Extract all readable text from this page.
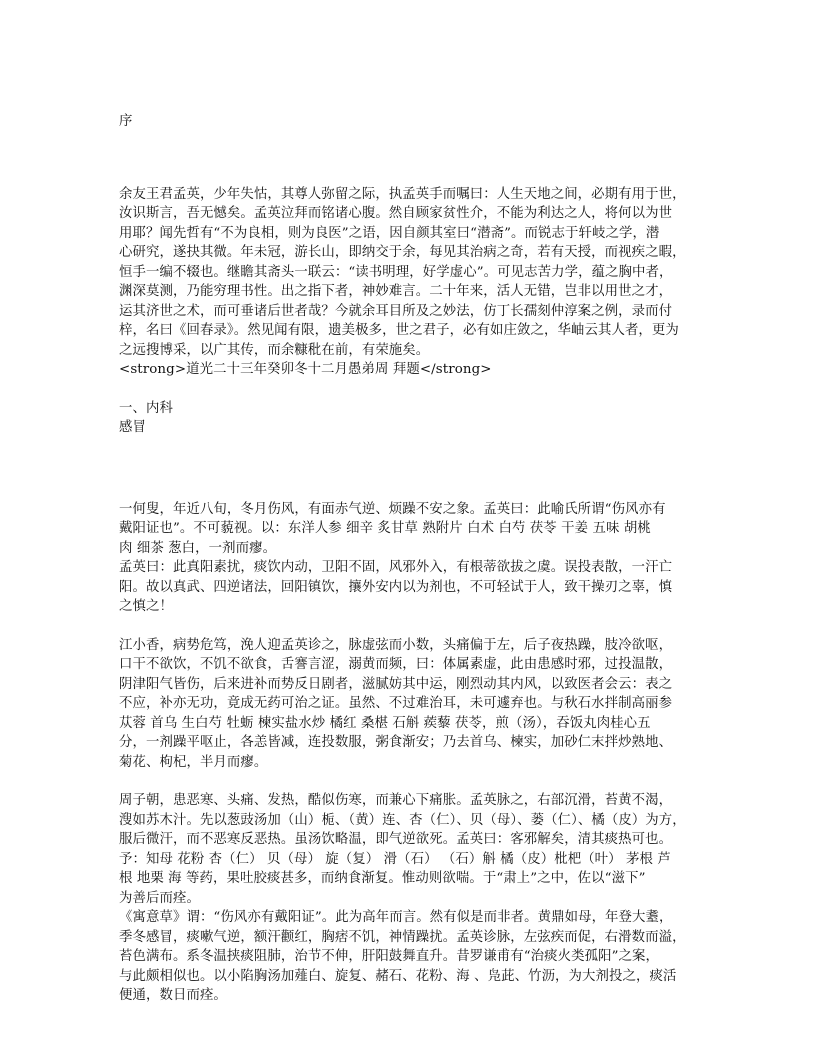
序

余友王君孟英，少年失怙，其尊人弥留之际，执孟英手而嘱曰：人生天地之间，必期有用于世，

汝识斯言，吾无憾矣。孟英泣拜而铭诸心腹。然自顾家贫性介，不能为利达之人，将何以为世

用耶？闻先哲有“不为良相，则为良医”之语，因自颜其室曰“潜斋”。而锐志于轩岐之学，潜

心研究，遂抉其微。年未冠，游长山，即纳交于余，每见其治病之奇，若有天授，而视疾之暇，

恒手一编不辍也。继瞻其斋头一联云：“读书明理，好学虚心”。可见志苦力学，蕴之胸中者，

渊深莫测，乃能穷理书性。出之指下者，神妙难言。二十年来，活人无错，岂非以用世之才，

运其济世之术，而可垂诸后世者哉？今就余耳目所及之妙法，仿丁长孺刻仲淳案之例，录而付

梓，名曰《回春录》。然见闻有限，遗美极多，世之君子，必有如庄敛之，华岫云其人者，更为

之远搜博采，以广其传，而余糠秕在前，有荣施矣。

<strong>道光二十三年癸卯冬十二月愚弟周 拜题</strong>

一、内科

感冒

一何叟，年近八旬，冬月伤风，有面赤气逆、烦躁不安之象。孟英曰：此喻氏所谓“伤风亦有

戴阳证也”。不可藐视。以：东洋人参 细辛 炙甘草 熟附片 白术 白芍 茯苓 干姜 五味 胡桃

肉 细茶 葱白，一剂而瘳。

孟英曰：此真阳素扰，痰饮内动，卫阳不固，风邪外入，有根蒂欲拔之虞。误投表散，一汗亡

阳。故以真武、四逆诸法，回阳镇饮，攘外安内以为剂也，不可轻试于人，致干操刃之辜，慎

之慎之！

江小香，病势危笃，浼人迎孟英诊之，脉虚弦而小数，头痛偏于左，后子夜热躁，肢冷欲呕，

口干不欲饮，不饥不欲食，舌謇言涩，溺黄而频，曰：体属素虚，此由患感时邪，过投温散，

阴津阳气皆伤，后来进补而势反日剧者，滋腻妨其中运，刚烈动其内风，以致医者会云：表之

不应，补亦无功，竟成无药可治之证。虽然、不过难治耳，未可遽弃也。与秋石水拌制高丽参

苁蓉 首乌 生白芍 牡蛎 楝实盐水炒 橘红 桑椹 石斛 蒺藜 茯苓，煎（汤），吞饭丸肉桂心五

分，一剂躁平呕止，各恙皆减，连投数服，粥食渐安；乃去首乌、楝实，加砂仁末拌炒熟地、

菊花、枸杞，半月而瘳。

周子朝，患恶寒、头痛、发热，酷似伤寒，而兼心下痛胀。孟英脉之，右部沉滑，苔黄不渴，

溲如苏木汁。先以葱豉汤加（山）栀、（黄）连、杏（仁）、贝（母）、蒌（仁）、橘（皮）为方，

服后微汗，而不恶寒反恶热。虽汤饮略温，即气逆欲死。孟英曰：客邪解矣，清其痰热可也。

予：知母 花粉 杏（仁） 贝（母） 旋（复） 滑（石） （石）斛 橘（皮）枇杷（叶） 茅根 芦

根 地栗 海 等药，果吐胶痰甚多，而纳食渐复。惟动则欲喘。于“肃上”之中，佐以“滋下”

为善后而痊。

《寓意草》谓：“伤风亦有戴阳证”。此为高年而言。然有似是而非者。黄鼎如母，年登大耋，

季冬感冒，痰嗽气逆，额汗颧红，胸痞不饥，神情躁扰。孟英诊脉，左弦疾而促，右滑数而溢，

苔色满布。系冬温挟痰阻肺，治节不伸，肝阳鼓舞直升。昔罗谦甫有“治痰火类孤阳”之案，

与此颇相似也。以小陷胸汤加薤白、旋复、赭石、花粉、海 、凫茈、竹沥，为大剂投之，痰活

便通，数日而痊。
